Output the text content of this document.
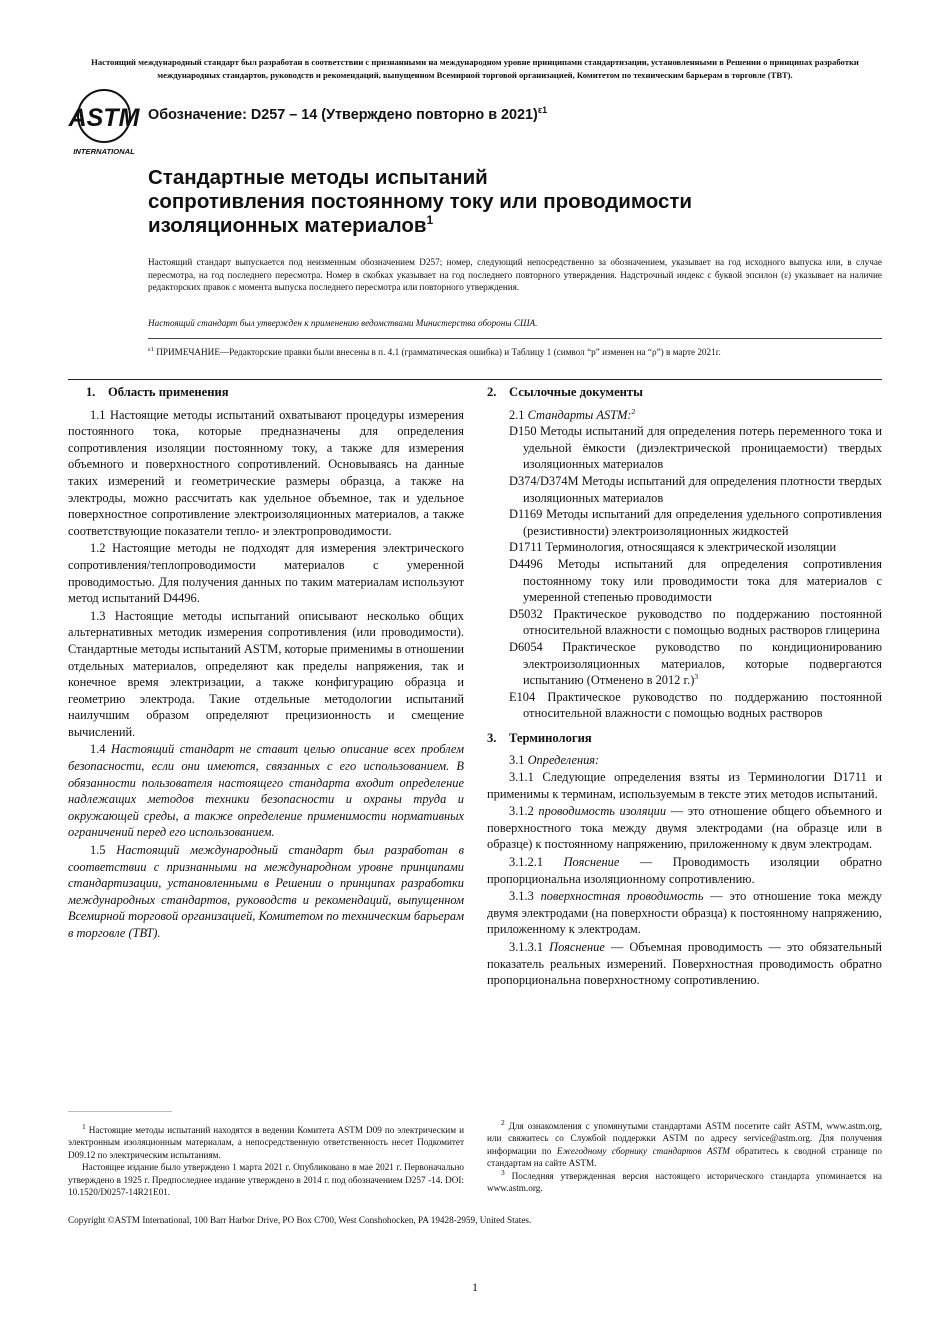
Настоящий международный стандарт был разработан в соответствии с признанными на международном уровне принципами стандартизации, установленными в Решении о принципах разработки международных стандартов, руководств и рекомендаций, выпущенном Всемирной торговой организацией, Комитетом по техническим барьерам в торговле (ТВТ).
ASTM
INTERNATIONAL
Обозначение: D257 – 14 (Утверждено повторно в 2021)$^{\varepsilon 1}$
Стандартные методы испытаний
сопротивления постоянному току или проводимости
изоляционных материалов$^1$
Настоящий стандарт выпускается под неизменным обозначением D257; номер, следующий непосредственно за обозначением, указывает на год исходного выпуска или, в случае пересмотра, на год последнего пересмотра. Номер в скобках указывает на год последнего повторного утверждения. Надстрочный индекс с буквой эпсилон (ε) указывает на наличие редакторских правок с момента выпуска последнего пересмотра или повторного утверждения.
Настоящий стандарт был утвержден к применению ведомствами Министерства обороны США.
$^{\varepsilon 1}$ ПРИМЕЧАНИЕ—Редакторские правки были внесены в п. 4.1 (грамматическая ошибка) и Таблицу 1 (символ “p” изменен на “ρ”) в марте 2021г.

1. Область применения

1.1 Настоящие методы испытаний охватывают процедуры измерения постоянного тока, которые предназначены для определения сопротивления изоляции постоянному току, а также для измерения объемного и поверхностного сопротивлений. Основываясь на данные таких измерений и геометрические размеры образца, а также на электроды, можно рассчитать как удельное объемное, так и удельное поверхностное сопротивление электроизоляционных материалов, а также соответствующие показатели тепло- и электропроводимости.

1.2 Настоящие методы не подходят для измерения электрического сопротивления/теплопроводимости материалов с умеренной проводимостью. Для получения данных по таким материалам используют метод испытаний D4496.

1.3 Настоящие методы испытаний описывают несколько общих альтернативных методик измерения сопротивления (или проводимости). Стандартные методы испытаний ASTM, которые применимы в отношении отдельных материалов, определяют как пределы напряжения, так и конечное время электризации, а также конфигурацию образца и геометрию электрода. Такие отдельные методологии испытаний наилучшим образом определяют прецизионность и смещение вычислений.

1.4 Настоящий стандарт не ставит целью описание всех проблем безопасности, если они имеются, связанных с его использованием. В обязанности пользователя настоящего стандарта входит определение надлежащих методов техники безопасности и охраны труда и окружающей среды, а также определение применимости нормативных ограничений перед его использованием.

1.5 Настоящий международный стандарт был разработан в соответствии с признанными на международном уровне принципами стандартизации, установленными в Решении о принципах разработки международных стандартов, руководств и рекомендаций, выпущенном Всемирной торговой организацией, Комитетом по техническим барьерам в торговле (ТВТ).

$^1$ Настоящие методы испытаний находятся в ведении Комитета ASTM D09 по электрическим и электронным изоляционным материалам, а непосредственную ответственность несет Подкомитет D09.12 по электрическим испытаниям.

Настоящее издание было утверждено 1 марта 2021 г. Опубликовано в мае 2021 г. Первоначально утверждено в 1925 г. Предпоследнее издание утверждено в 2014 г. под обозначением D257 -14. DOI: 10.1520/D0257-14R21E01.

2. Ссылочные документы

2.1 Стандарты ASTM:$^2$

D150 Методы испытаний для определения потерь переменного тока и удельной ёмкости (диэлектрической проницаемости) твердых изоляционных материалов
D374/D374M Методы испытаний для определения плотности твердых изоляционных материалов
D1169 Методы испытаний для определения удельного сопротивления (резистивности) электроизоляционных жидкостей
D1711 Терминология, относящаяся к электрической изоляции
D4496 Методы испытаний для определения сопротивления постоянному току или проводимости тока для материалов с умеренной степенью проводимости
D5032 Практическое руководство по поддержанию постоянной относительной влажности с помощью водных растворов глицерина
D6054 Практическое руководство по кондиционированию электроизоляционных материалов, которые подвергаются испытанию (Отменено в 2012 г.)$^3$
E104 Практическое руководство по поддержанию постоянной относительной влажности с помощью водных растворов

3. Терминология

3.1 Определения:

3.1.1 Следующие определения взяты из Терминологии D1711 и применимы к терминам, используемым в тексте этих методов испытаний.

3.1.2 проводимость изоляции — это отношение общего объемного и поверхностного тока между двумя электродами (на образце или в образце) к постоянному напряжению, приложенному к двум электродам.

3.1.2.1 Пояснение — Проводимость изоляции обратно пропорциональна изоляционному сопротивлению.

3.1.3 поверхностная проводимость — это отношение тока между двумя электродами (на поверхности образца) к постоянному напряжению, приложенному к электродам.

3.1.3.1 Пояснение — Объемная проводимость — это обязательный показатель реальных измерений. Поверхностная проводимость обратно пропорциональна поверхностному сопротивлению.

$^2$ Для ознакомления с упомянутыми стандартами ASTM посетите сайт ASTM, www.astm.org, или свяжитесь со Службой поддержки ASTM по адресу service@astm.org. Для получения информации по Ежегодному сборнику стандартов ASTM обратитесь к сводной странице по стандартам на сайте ASTM.

$^3$ Последняя утвержденная версия настоящего исторического стандарта упоминается на www.astm.org.

Copyright ©ASTM International, 100 Barr Harbor Drive, PO Box C700, West Conshohocken, PA 19428-2959, United States.
1
